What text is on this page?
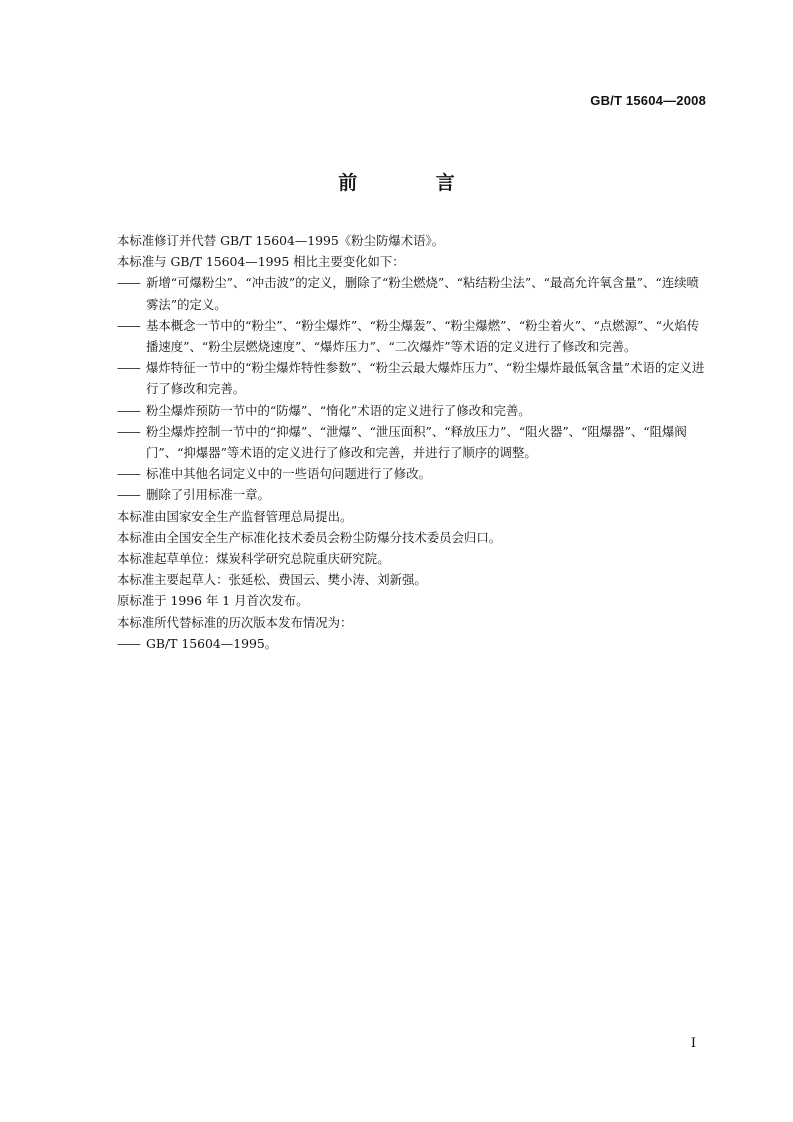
GB/T 15604—2008
前 言

本标准修订并代替 GB/T 15604—1995《粉尘防爆术语》。

本标准与 GB/T 15604—1995 相比主要变化如下：

—— 新增“可爆粉尘”、“冲击波”的定义，删除了“粉尘燃烧”、“粘结粉尘法”、“最高允许氧含量”、“连续喷雾法”的定义。

—— 基本概念一节中的“粉尘”、“粉尘爆炸”、“粉尘爆轰”、“粉尘爆燃”、“粉尘着火”、“点燃源”、“火焰传播速度”、“粉尘层燃烧速度”、“爆炸压力”、“二次爆炸”等术语的定义进行了修改和完善。

—— 爆炸特征一节中的“粉尘爆炸特性参数”、“粉尘云最大爆炸压力”、“粉尘爆炸最低氧含量”术语的定义进行了修改和完善。

—— 粉尘爆炸预防一节中的“防爆”、“惰化”术语的定义进行了修改和完善。

—— 粉尘爆炸控制一节中的“抑爆”、“泄爆”、“泄压面积”、“释放压力”、“阻火器”、“阻爆器”、“阻爆阀门”、“抑爆器”等术语的定义进行了修改和完善，并进行了顺序的调整。

—— 标准中其他名词定义中的一些语句问题进行了修改。

—— 删除了引用标准一章。

本标准由国家安全生产监督管理总局提出。

本标准由全国安全生产标准化技术委员会粉尘防爆分技术委员会归口。

本标准起草单位：煤炭科学研究总院重庆研究院。

本标准主要起草人：张延松、费国云、樊小涛、刘新强。

原标准于 1996 年 1 月首次发布。

本标准所代替标准的历次版本发布情况为：

—— GB/T 15604—1995。

I
